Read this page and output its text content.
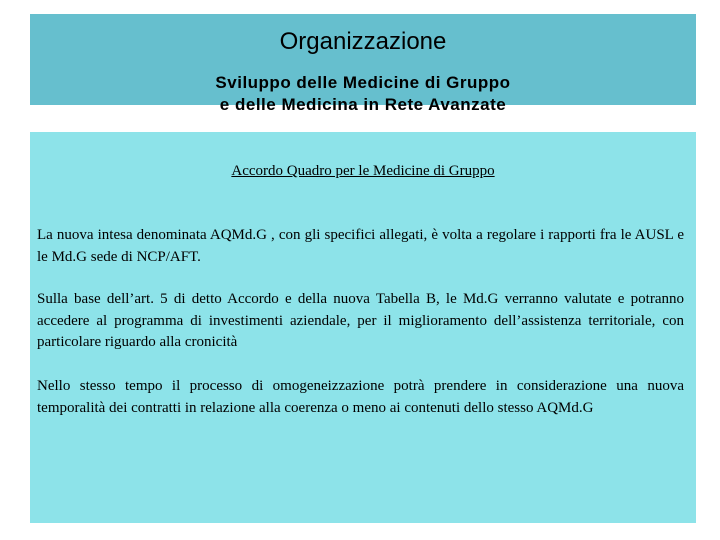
Organizzazione
Sviluppo delle Medicine di Gruppo
e delle Medicina in Rete Avanzate
Accordo Quadro per le Medicine di Gruppo

La nuova intesa denominata AQMd.G , con gli specifici allegati, è volta a regolare i rapporti fra le AUSL e le Md.G sede di NCP/AFT.

Sulla base dell’art. 5 di detto Accordo e della nuova Tabella B, le Md.G verranno valutate e potranno accedere al programma di investimenti aziendale, per il miglioramento dell’assistenza territoriale, con particolare riguardo alla cronicità

Nello stesso tempo il processo di omogeneizzazione potrà prendere in considerazione una nuova temporalità dei contratti in relazione alla coerenza o meno ai contenuti dello stesso AQMd.G
